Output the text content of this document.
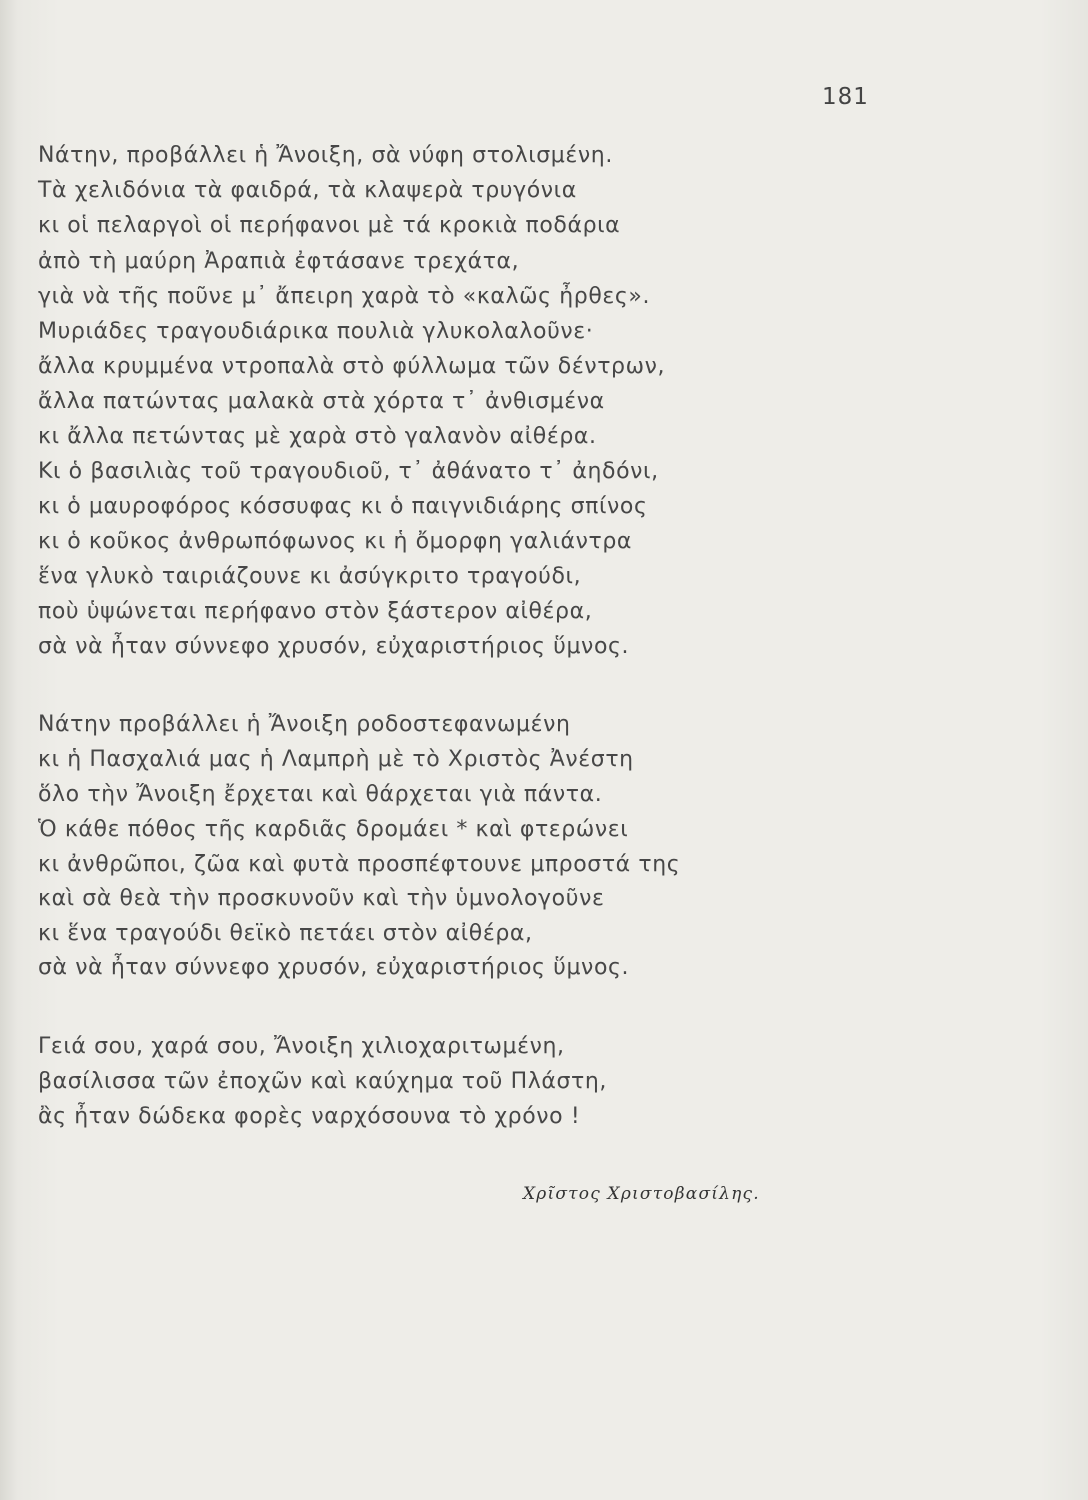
181
Νάτην, προβάλλει ἡ Ἄνοιξη, σὰ νύφη στολισμένη.
Τὰ χελιδόνια τὰ φαιδρά, τὰ κλαψερὰ τρυγόνια
κι οἱ πελαργοὶ οἱ περήφανοι μὲ τά κροκιὰ ποδάρια
ἀπὸ τὴ μαύρη Ἀραπιὰ ἐφτάσανε τρεχάτα,
γιὰ νὰ τῆς ποῦνε μ᾿ ἄπειρη χαρὰ τὸ «καλῶς ἦρθες».
Μυριάδες τραγουδιάρικα πουλιὰ γλυκολαλοῦνε·
ἄλλα κρυμμένα ντροπαλὰ στὸ φύλλωμα τῶν δέντρων,
ἄλλα πατώντας μαλακὰ στὰ χόρτα τ᾿ ἀνθισμένα
κι ἄλλα πετώντας μὲ χαρὰ στὸ γαλανὸν αἰθέρα.
Κι ὁ βασιλιὰς τοῦ τραγουδιοῦ, τ᾿ ἀθάνατο τ᾿ ἀηδόνι,
κι ὁ μαυροφόρος κόσσυφας κι ὁ παιγνιδιάρης σπίνος
κι ὁ κοῦκος ἀνθρωπόφωνος κι ἡ ὄμορφη γαλιάντρα
ἕνα γλυκὸ ταιριάζουνε κι ἀσύγκριτο τραγούδι,
ποὺ ὑψώνεται περήφανο στὸν ξάστερον αἰθέρα,
σὰ νὰ ἦταν σύννεφο χρυσόν, εὐχαριστήριος ὕμνος.
Νάτην προβάλλει ἡ Ἄνοιξη ροδοστεφανωμένη
κι ἡ Πασχαλιά μας ἡ Λαμπρὴ μὲ τὸ Χριστὸς Ἀνέστη
ὅλο τὴν Ἄνοιξη ἔρχεται καὶ θάρχεται γιὰ πάντα.
Ὁ κάθε πόθος τῆς καρδιᾶς δρομάει * καὶ φτερώνει
κι ἀνθρῶποι, ζῶα καὶ φυτὰ προσπέφτουνε μπροστά της
καὶ σὰ θεὰ τὴν προσκυνοῦν καὶ τὴν ὑμνολογοῦνε
κι ἕνα τραγούδι θεϊκὸ πετάει στὸν αἰθέρα,
σὰ νὰ ἦταν σύννεφο χρυσόν, εὐχαριστήριος ὕμνος.
Γειά σου, χαρά σου, Ἄνοιξη χιλιοχαριτωμένη,
βασίλισσα τῶν ἐποχῶν καὶ καύχημα τοῦ Πλάστη,
ἂς ἦταν δώδεκα φορὲς ναρχόσουνα τὸ χρόνο !
Χρῖστος Χριστοβασίλης.
